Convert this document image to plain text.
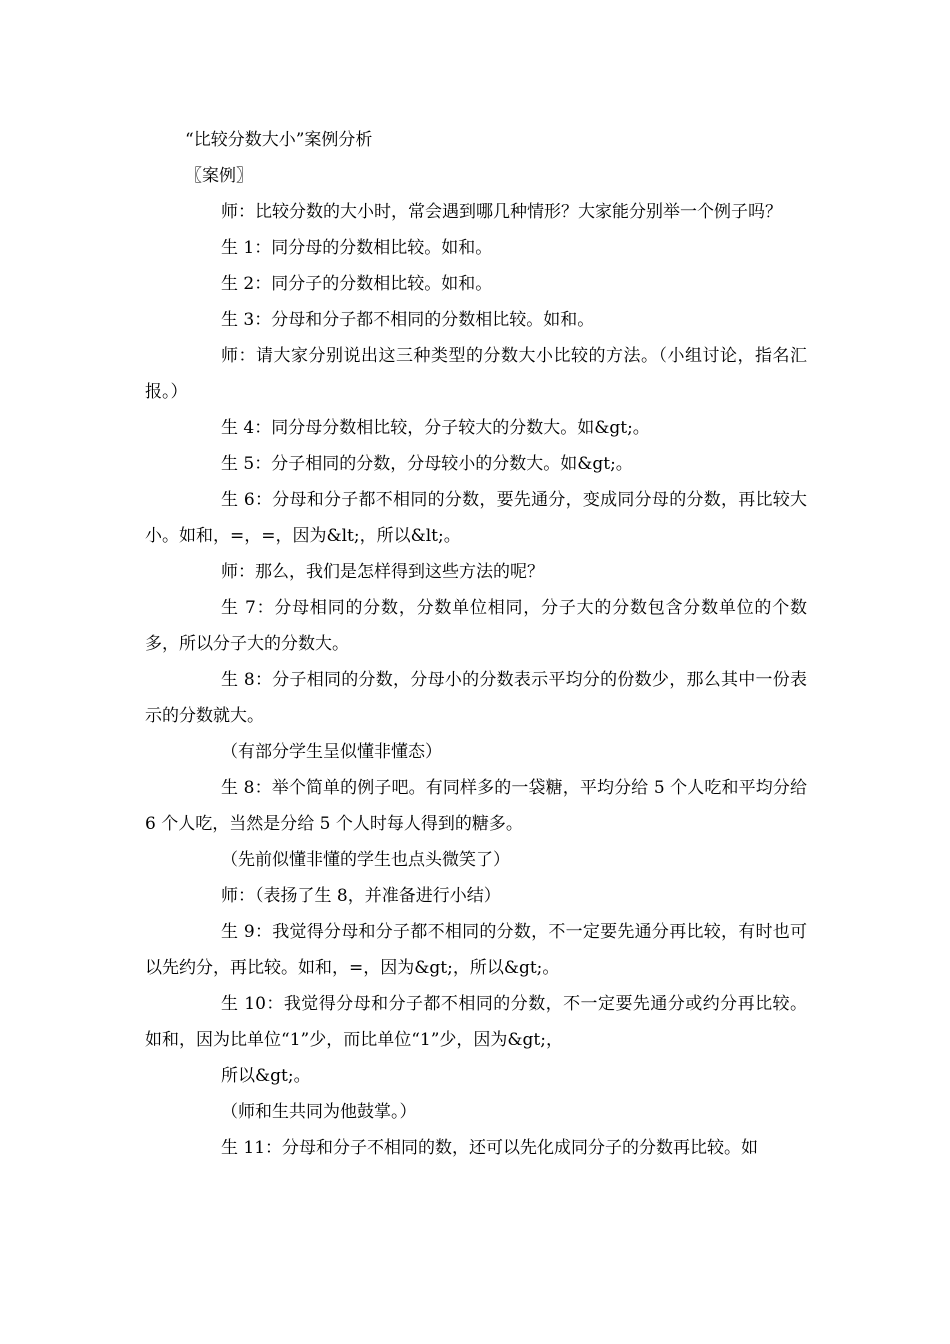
“比较分数大小”案例分析

〖案例〗

师：比较分数的大小时，常会遇到哪几种情形？大家能分别举一个例子吗？

生 1：同分母的分数相比较。如和。

生 2：同分子的分数相比较。如和。

生 3：分母和分子都不相同的分数相比较。如和。

师：请大家分别说出这三种类型的分数大小比较的方法。（小组讨论，指名汇报。）

生 4：同分母分数相比较，分子较大的分数大。如&gt;。

生 5：分子相同的分数，分母较小的分数大。如&gt;。

生 6：分母和分子都不相同的分数，要先通分，变成同分母的分数，再比较大小。如和，=，=，因为&lt;，所以&lt;。

师：那么，我们是怎样得到这些方法的呢？

生 7：分母相同的分数，分数单位相同，分子大的分数包含分数单位的个数多，所以分子大的分数大。

生 8：分子相同的分数，分母小的分数表示平均分的份数少，那么其中一份表示的分数就大。

（有部分学生呈似懂非懂态）

生 8：举个简单的例子吧。有同样多的一袋糖，平均分给 5 个人吃和平均分给 6 个人吃，当然是分给 5 个人时每人得到的糖多。

（先前似懂非懂的学生也点头微笑了）

师：（表扬了生 8，并准备进行小结）

生 9：我觉得分母和分子都不相同的分数，不一定要先通分再比较，有时也可以先约分，再比较。如和，=，因为&gt;，所以&gt;。

生 10：我觉得分母和分子都不相同的分数，不一定要先通分或约分再比较。如和，因为比单位“1”少，而比单位“1”少，因为&gt;，

所以&gt;。

（师和生共同为他鼓掌。）

生 11：分母和分子不相同的数，还可以先化成同分子的分数再比较。如
